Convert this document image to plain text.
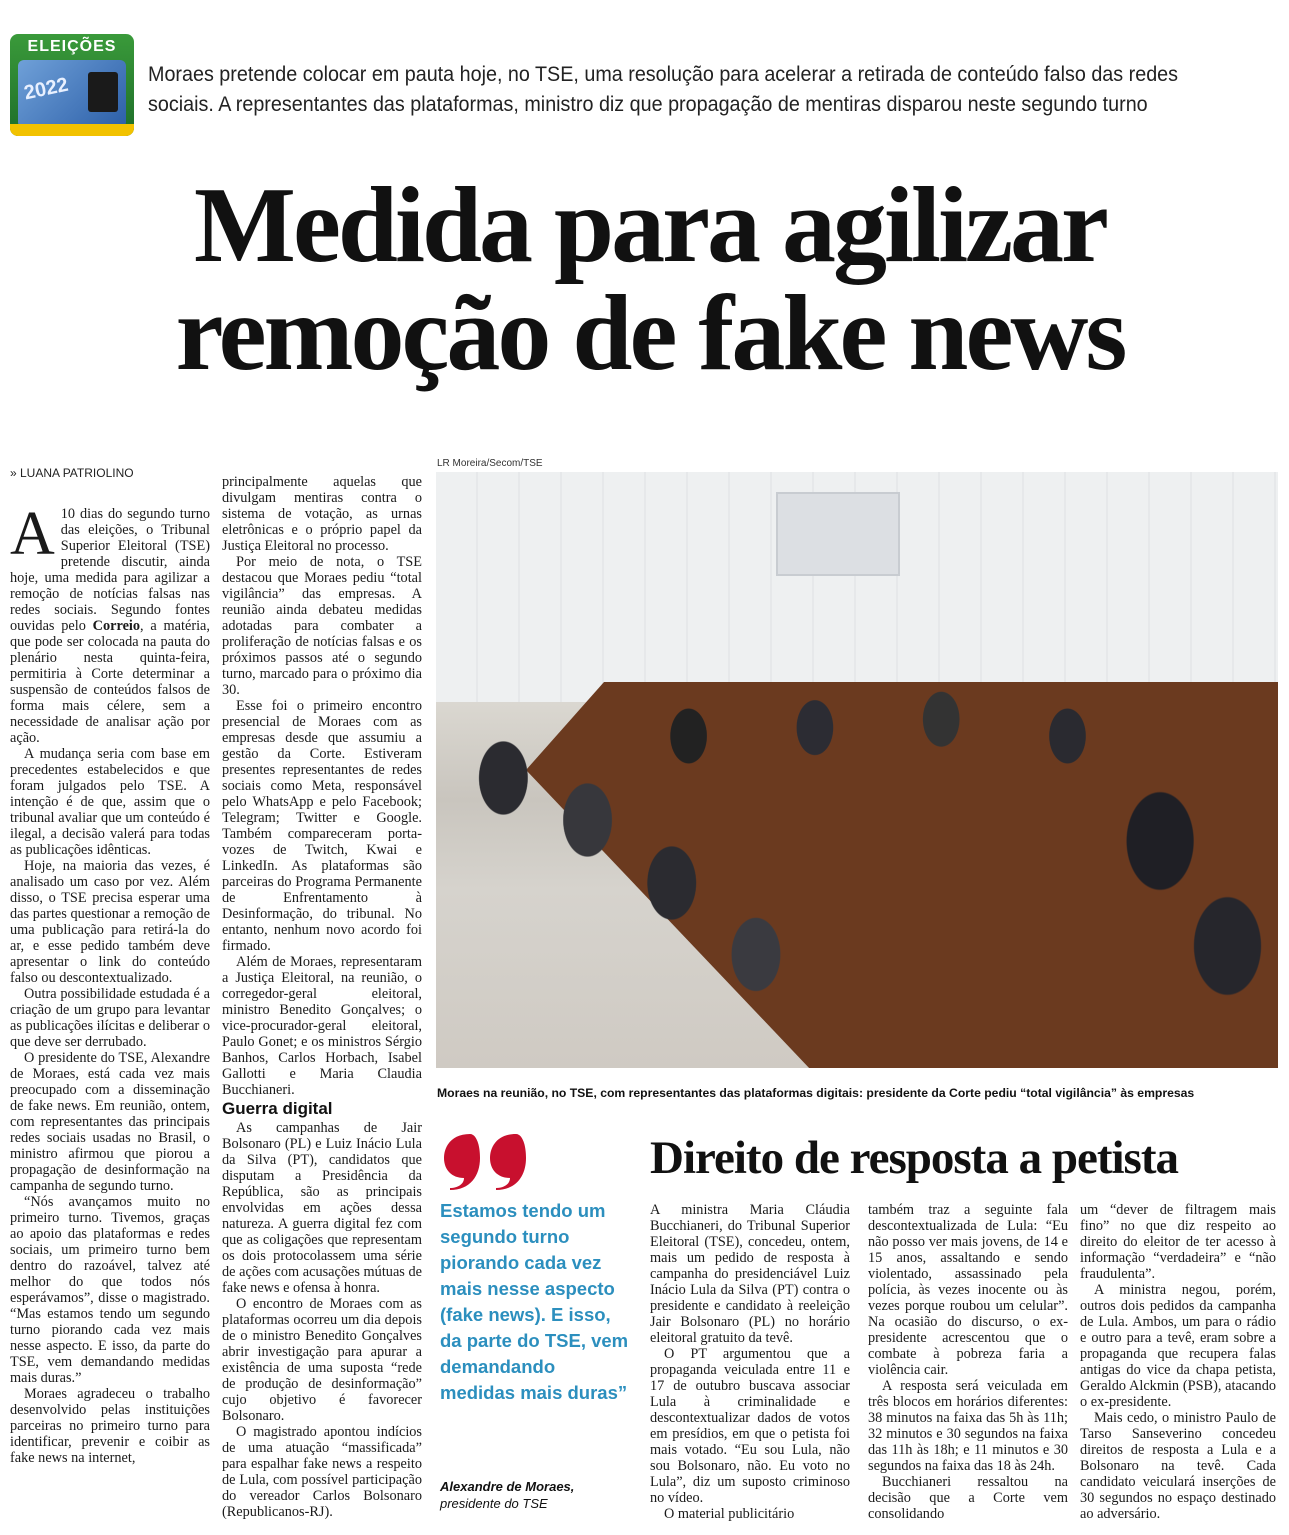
ELEIÇÕES
2022	Moraes pretende colocar em pauta hoje, no TSE, uma resolução para acelerar a retirada de conteúdo falso das redes sociais. A representantes das plataformas, ministro diz que propagação de mentiras disparou neste segundo turno
Medida para agilizar
remoção de fake news
» LUANA PATRIOLINO

A 10 dias do segundo turno das eleições, o Tribunal Superior Eleitoral (TSE) pretende discutir, ainda hoje, uma medida para agilizar a remoção de notícias falsas nas redes sociais. Segundo fontes ouvidas pelo Correio, a matéria, que pode ser colocada na pauta do plenário nesta quinta-feira, permitiria à Corte determinar a suspensão de conteúdos falsos de forma mais célere, sem a necessidade de analisar ação por ação.

A mudança seria com base em precedentes estabelecidos e que foram julgados pelo TSE. A intenção é de que, assim que o tribunal avaliar que um conteúdo é ilegal, a decisão valerá para todas as publicações idênticas.

Hoje, na maioria das vezes, é analisado um caso por vez. Além disso, o TSE precisa esperar uma das partes questionar a remoção de uma publicação para retirá-la do ar, e esse pedido também deve apresentar o link do conteúdo falso ou descontextualizado.

Outra possibilidade estudada é a criação de um grupo para levantar as publicações ilícitas e deliberar o que deve ser derrubado.

O presidente do TSE, Alexandre de Moraes, está cada vez mais preocupado com a disseminação de fake news. Em reunião, ontem, com representantes das principais redes sociais usadas no Brasil, o ministro afirmou que piorou a propagação de desinformação na campanha de segundo turno.

“Nós avançamos muito no primeiro turno. Tivemos, graças ao apoio das plataformas e redes sociais, um primeiro turno bem dentro do razoável, talvez até melhor do que todos nós esperávamos”, disse o magistrado. “Mas estamos tendo um segundo turno piorando cada vez mais nesse aspecto. E isso, da parte do TSE, vem demandando medidas mais duras.”

Moraes agradeceu o trabalho desenvolvido pelas instituições parceiras no primeiro turno para identificar, prevenir e coibir as fake news na internet,

principalmente aquelas que divulgam mentiras contra o sistema de votação, as urnas eletrônicas e o próprio papel da Justiça Eleitoral no processo.

Por meio de nota, o TSE destacou que Moraes pediu “total vigilância” das empresas. A reunião ainda debateu medidas adotadas para combater a proliferação de notícias falsas e os próximos passos até o segundo turno, marcado para o próximo dia 30.

Esse foi o primeiro encontro presencial de Moraes com as empresas desde que assumiu a gestão da Corte. Estiveram presentes representantes de redes sociais como Meta, responsável pelo WhatsApp e pelo Facebook; Telegram; Twitter e Google. Também compareceram porta-vozes de Twitch, Kwai e LinkedIn. As plataformas são parceiras do Programa Permanente de Enfrentamento à Desinformação, do tribunal. No entanto, nenhum novo acordo foi firmado.

Além de Moraes, representaram a Justiça Eleitoral, na reunião, o corregedor-geral eleitoral, ministro Benedito Gonçalves; o vice-procurador-geral eleitoral, Paulo Gonet; e os ministros Sérgio Banhos, Carlos Horbach, Isabel Gallotti e Maria Claudia Bucchianeri.

Guerra digital

As campanhas de Jair Bolsonaro (PL) e Luiz Inácio Lula da Silva (PT), candidatos que disputam a Presidência da República, são as principais envolvidas em ações dessa natureza. A guerra digital fez com que as coligações que representam os dois protocolassem uma série de ações com acusações mútuas de fake news e ofensa à honra.

O encontro de Moraes com as plataformas ocorreu um dia depois de o ministro Benedito Gonçalves abrir investigação para apurar a existência de uma suposta “rede de produção de desinformação” cujo objetivo é favorecer Bolsonaro.

O magistrado apontou indícios de uma atuação “massificada” para espalhar fake news a respeito de Lula, com possível participação do vereador Carlos Bolsonaro (Republicanos-RJ).

LR Moreira/Secom/TSE
Moraes na reunião, no TSE, com representantes das plataformas digitais: presidente da Corte pediu “total vigilância” às empresas
Estamos tendo um segundo turno piorando cada vez mais nesse aspecto (fake news). E isso, da parte do TSE, vem demandando medidas mais duras”
Alexandre de Moraes,
presidente do TSE
Direito de resposta a petista

A ministra Maria Cláudia Bucchianeri, do Tribunal Superior Eleitoral (TSE), concedeu, ontem, mais um pedido de resposta à campanha do presidenciável Luiz Inácio Lula da Silva (PT) contra o presidente e candidato à reeleição Jair Bolsonaro (PL) no horário eleitoral gratuito da tevê.

O PT argumentou que a propaganda veiculada entre 11 e 17 de outubro buscava associar Lula à criminalidade e descontextualizar dados de votos em presídios, em que o petista foi mais votado. “Eu sou Lula, não sou Bolsonaro, não. Eu voto no Lula”, diz um suposto criminoso no vídeo.

O material publicitário

também traz a seguinte fala descontextualizada de Lula: “Eu não posso ver mais jovens, de 14 e 15 anos, assaltando e sendo violentado, assassinado pela polícia, às vezes inocente ou às vezes porque roubou um celular”. Na ocasião do discurso, o ex-presidente acrescentou que o combate à pobreza faria a violência cair.

A resposta será veiculada em três blocos em horários diferentes: 38 minutos na faixa das 5h às 11h; 32 minutos e 30 segundos na faixa das 11h às 18h; e 11 minutos e 30 segundos na faixa das 18 às 24h.

Bucchianeri ressaltou na decisão que a Corte vem consolidando

um “dever de filtragem mais fino” no que diz respeito ao direito do eleitor de ter acesso à informação “verdadeira” e “não fraudulenta”.

A ministra negou, porém, outros dois pedidos da campanha de Lula. Ambos, um para o rádio e outro para a tevê, eram sobre a propaganda que recupera falas antigas do vice da chapa petista, Geraldo Alckmin (PSB), atacando o ex-presidente.

Mais cedo, o ministro Paulo de Tarso Sanseverino concedeu direitos de resposta a Lula e a Bolsonaro na tevê. Cada candidato veiculará inserções de 30 segundos no espaço destinado ao adversário.
